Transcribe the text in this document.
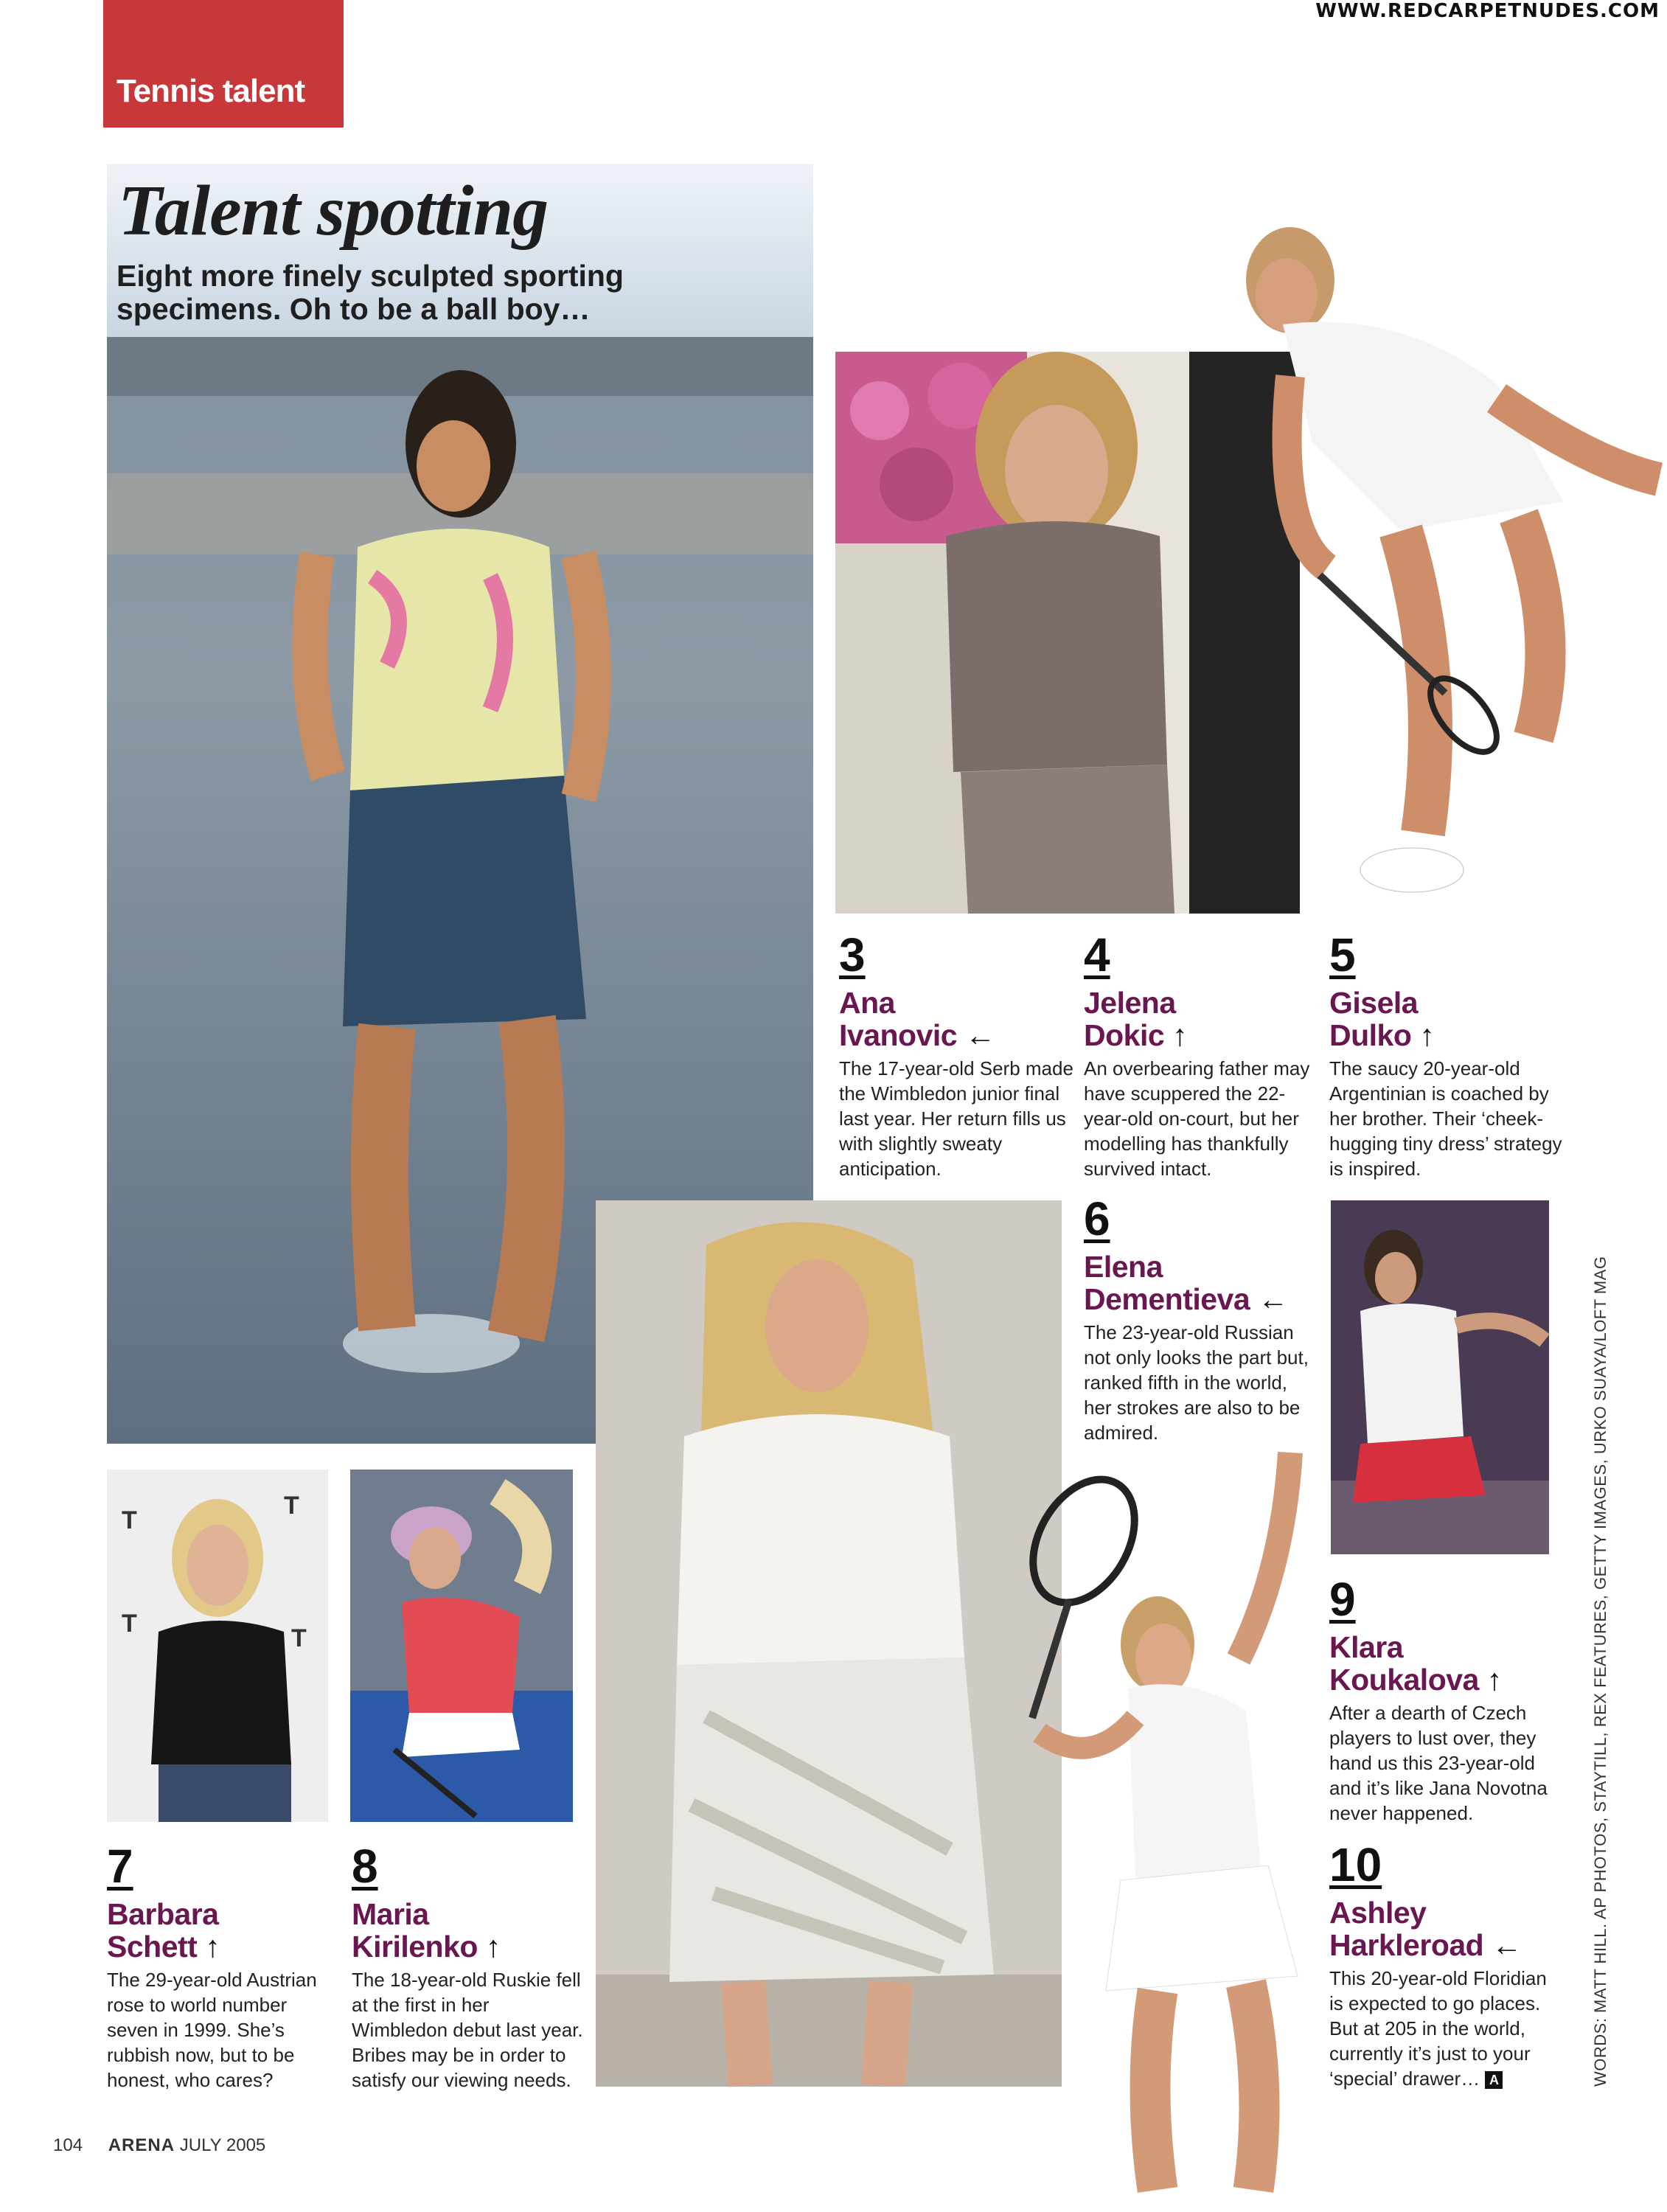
Tennis talent
WWW.REDCARPETNUDES.COM
Talent spotting
Eight more finely sculpted sporting specimens. Oh to be a ball boy…
T
T
T
T
3
Ana
Ivanovic ←
The 17-year-old Serb made the Wimbledon junior final last year. Her return fills us with slightly sweaty anticipation.
4
Jelena
Dokic ↑
An overbearing father may have scuppered the 22-year-old on-court, but her modelling has thankfully survived intact.
5
Gisela
Dulko ↑
The saucy 20-year-old Argentinian is coached by her brother. Their ‘cheek-hugging tiny dress’ strategy is inspired.
6
Elena
Dementieva ←
The 23-year-old Russian not only looks the part but, ranked fifth in the world, her strokes are also to be admired.
9
Klara
Koukalova ↑
After a dearth of Czech players to lust over, they hand us this 23-year-old and it’s like Jana Novotna never happened.
10
Ashley
Harkleroad ←
This 20-year-old Floridian is expected to go places. But at 205 in the world, currently it’s just to your ‘special’ drawer… A
7
Barbara
Schett ↑
The 29-year-old Austrian rose to world number seven in 1999. She’s rubbish now, but to be honest, who cares?
8
Maria
Kirilenko ↑
The 18-year-old Ruskie fell at the first in her Wimbledon debut last year. Bribes may be in order to satisfy our viewing needs.	WORDS: MATT HILL. AP PHOTOS, STAYTILL, REX FEATURES, GETTY IMAGES, URKO SUAYA/LOFT MAG
104 ARENA JULY 2005
